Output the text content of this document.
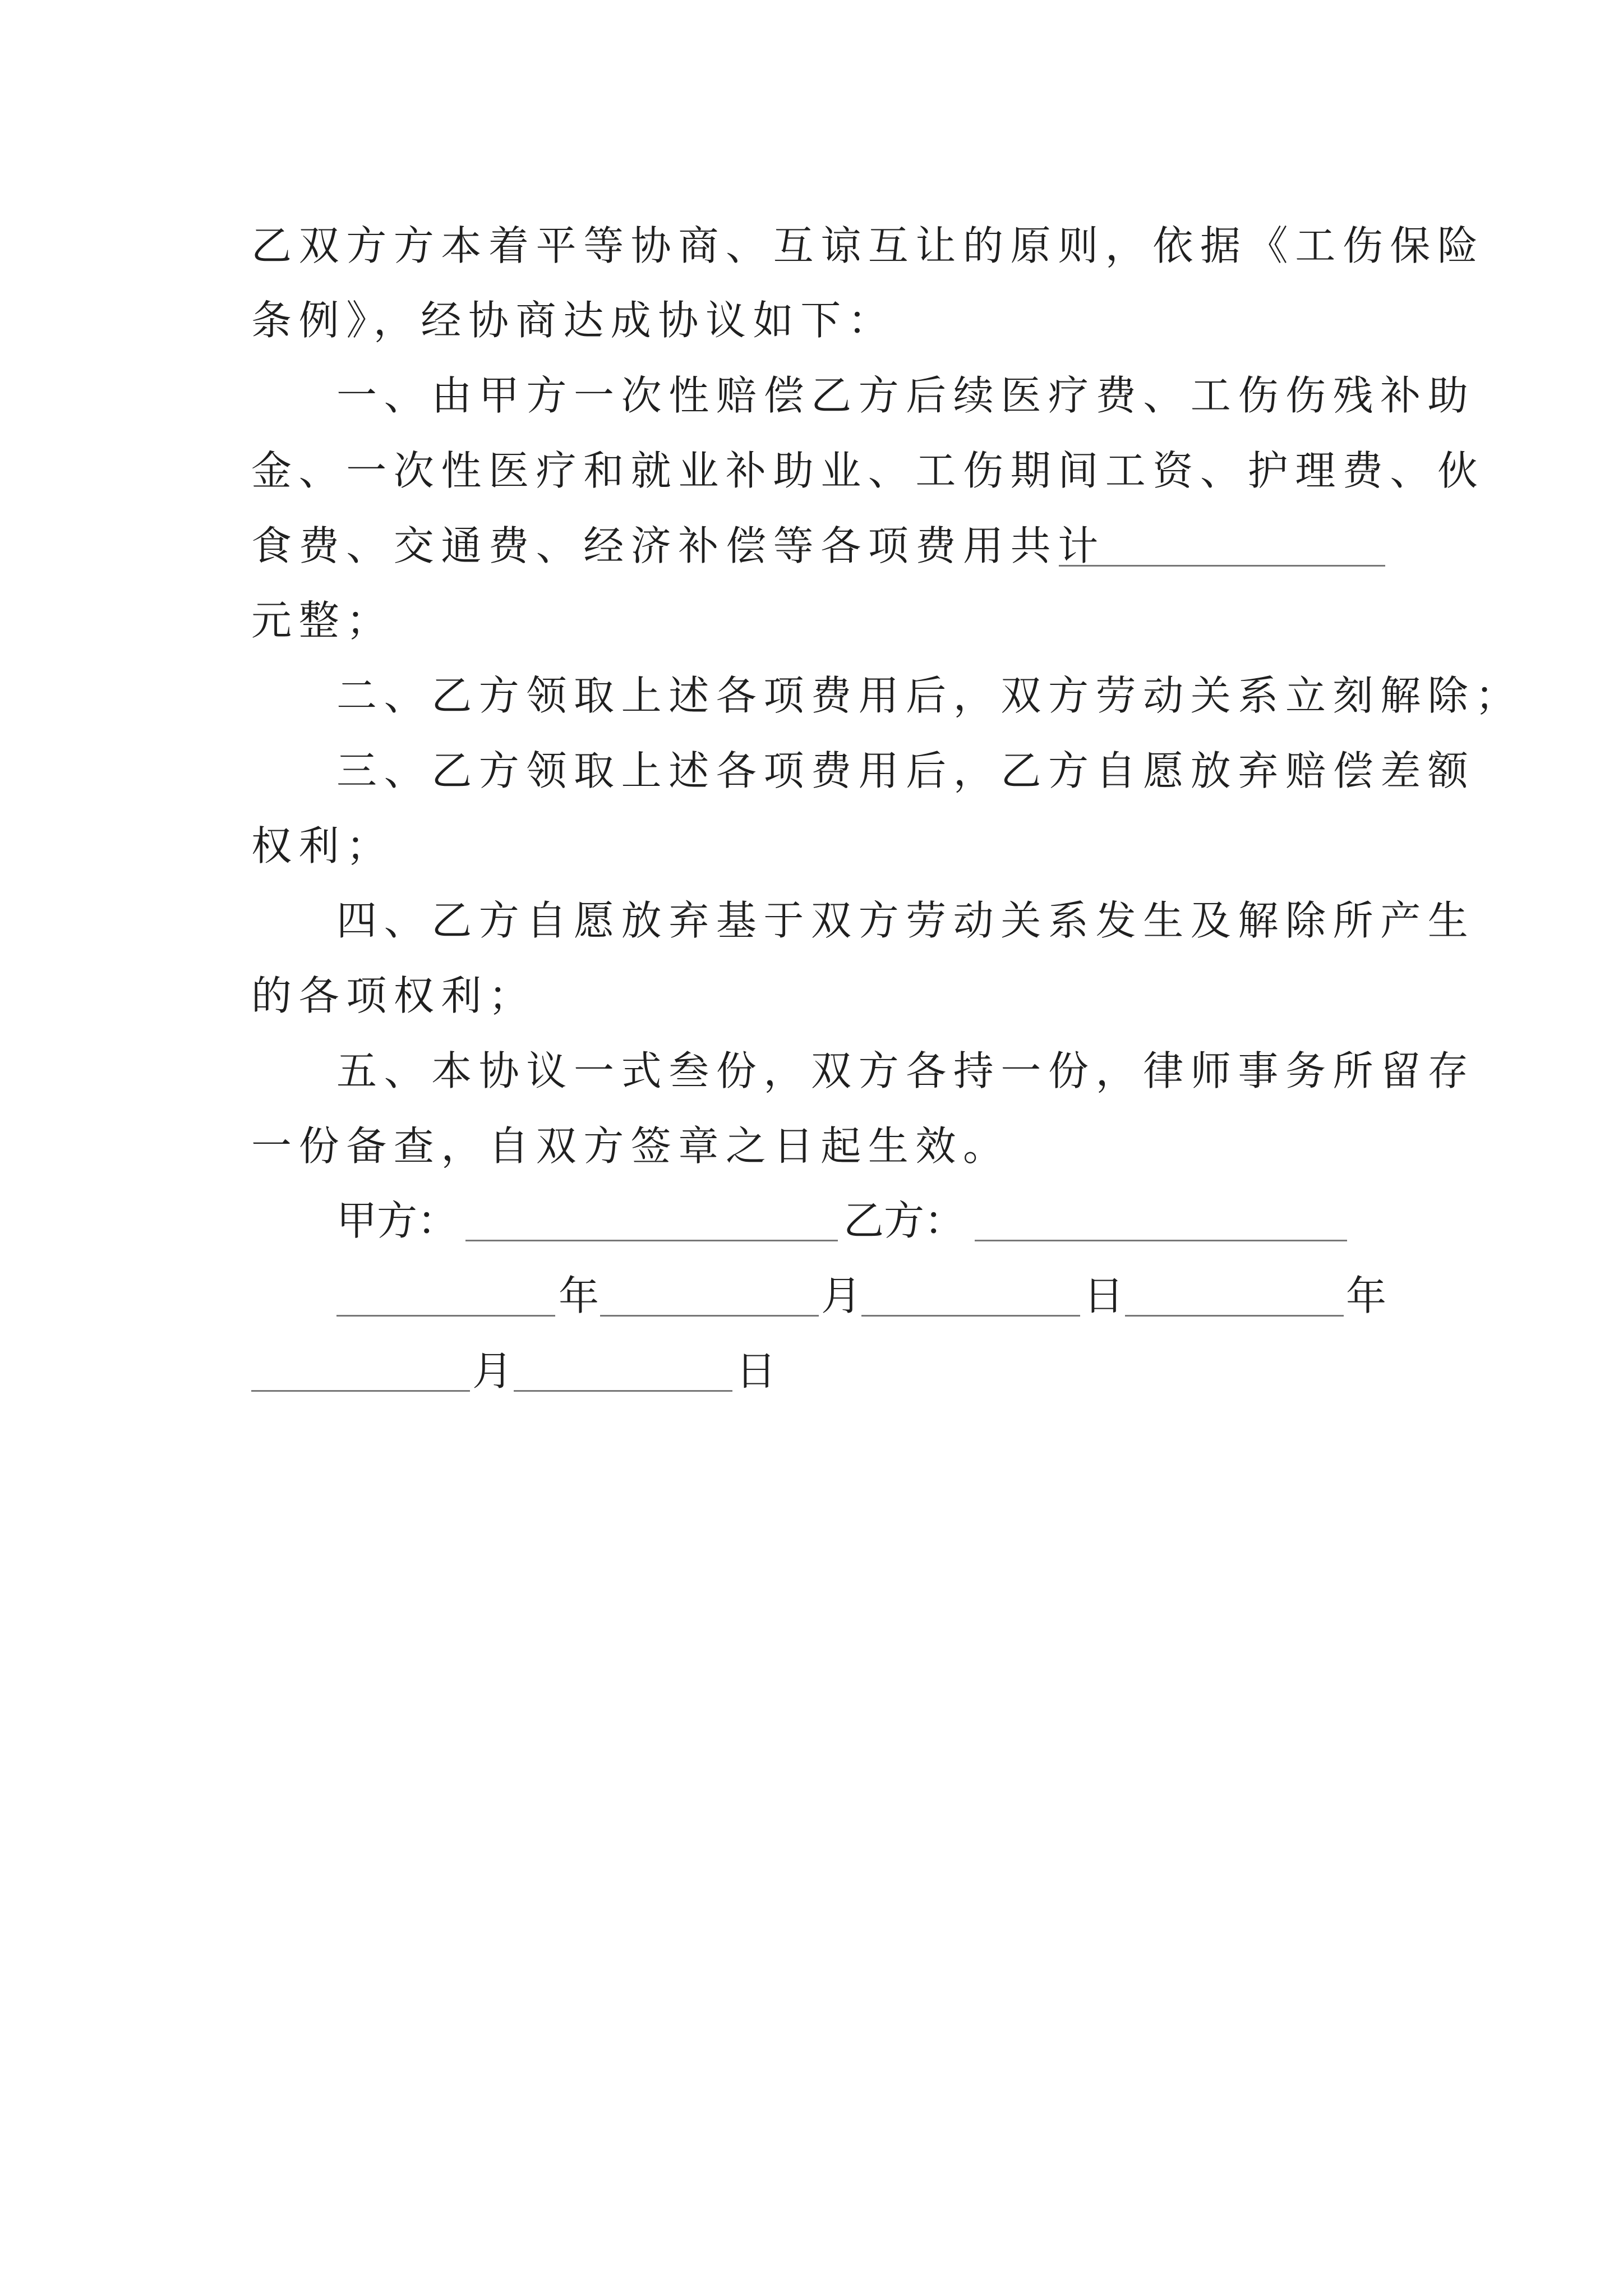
乙双方方本着平等协商、互谅互让的原则，依据《工伤保险
条例》，经协商达成协议如下：
一、由甲方一次性赔偿乙方后续医疗费、工伤伤残补助
金、一次性医疗和就业补助业、工伤期间工资、护理费、伙
食费、交通费、经济补偿等各项费用共计
元整；
二、乙方领取上述各项费用后，双方劳动关系立刻解除；
三、乙方领取上述各项费用后，乙方自愿放弃赔偿差额
权利；
四、乙方自愿放弃基于双方劳动关系发生及解除所产生
的各项权利；
五、本协议一式叁份，双方各持一份，律师事务所留存
一份备查，自双方签章之日起生效。
甲方：	乙方：
年	月	日	年
月	日
